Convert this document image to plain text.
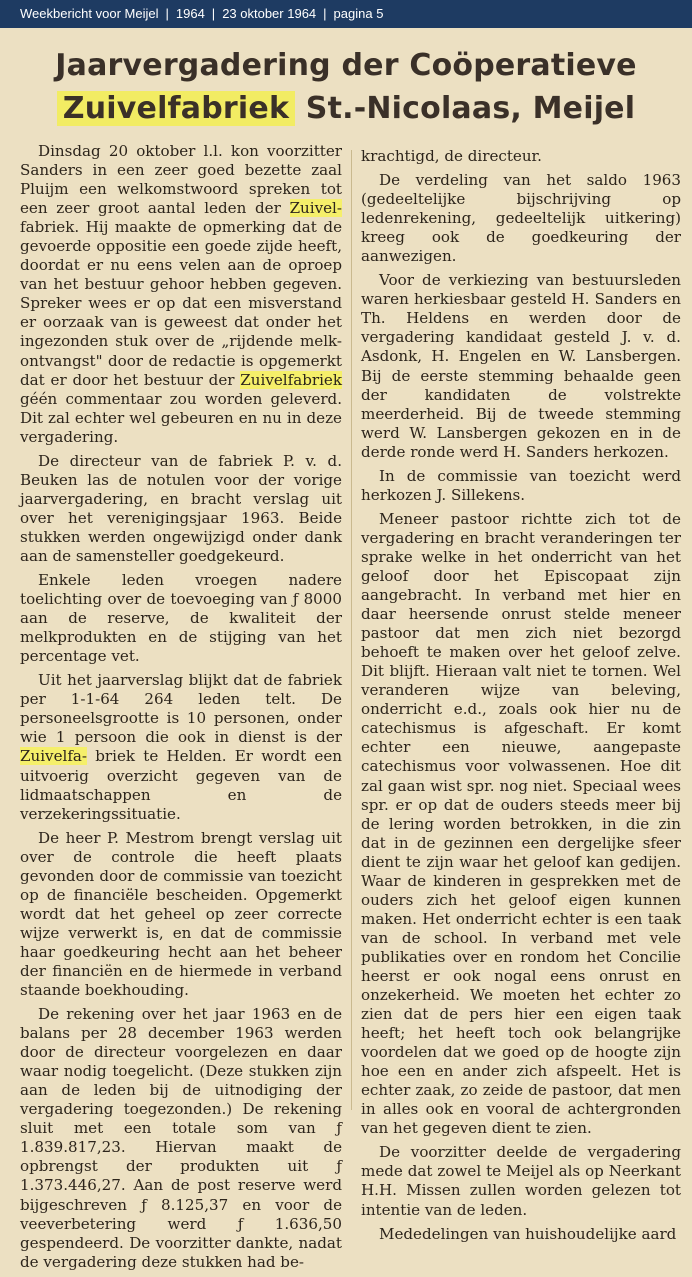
Weekbericht voor Meijel | 1964 | 23 oktober 1964 | pagina 5
Jaarvergadering der Coöperatieve
Zuivelfabriek St.-Nicolaas, Meijel

Dinsdag 20 oktober l.l. kon voorzitter Sanders in een zeer goed bezette zaal Pluijm een welkomstwoord spreken tot een zeer groot aantal leden der Zuivel- fabriek. Hij maakte de opmerking dat de gevoerde oppositie een goede zijde heeft, doordat er nu eens velen aan de oproep van het bestuur gehoor hebben gegeven. Spreker wees er op dat een misverstand er oorzaak van is geweest dat onder het ingezonden stuk over de „rijdende melk-ontvangst" door de redactie is opgemerkt dat er door het bestuur der Zuivelfabriek géén commentaar zou worden geleverd. Dit zal echter wel gebeuren en nu in deze vergadering.

De directeur van de fabriek P. v. d. Beuken las de notulen voor der vorige jaarvergadering, en bracht verslag uit over het verenigingsjaar 1963. Beide stukken werden ongewijzigd onder dank aan de samensteller goedgekeurd.

Enkele leden vroegen nadere toelichting over de toevoeging van ƒ 8000 aan de reserve, de kwaliteit der melkprodukten en de stijging van het percentage vet.

Uit het jaarverslag blijkt dat de fabriek per 1-1-64 264 leden telt. De personeelsgrootte is 10 personen, onder wie 1 persoon die ook in dienst is der Zuivelfa- briek te Helden. Er wordt een uitvoerig overzicht gegeven van de lidmaatschappen en de verzekeringssituatie.

De heer P. Mestrom brengt verslag uit over de controle die heeft plaats gevonden door de commissie van toezicht op de financiële bescheiden. Opgemerkt wordt dat het geheel op zeer correcte wijze verwerkt is, en dat de commissie haar goedkeuring hecht aan het beheer der financiën en de hiermede in verband staande boekhouding.

De rekening over het jaar 1963 en de balans per 28 december 1963 werden door de directeur voorgelezen en daar waar nodig toegelicht. (Deze stukken zijn aan de leden bij de uitnodiging der vergadering toegezonden.) De rekening sluit met een totale som van ƒ 1.839.817,23. Hiervan maakt de opbrengst der produkten uit ƒ 1.373.446,27. Aan de post reserve werd bijgeschreven ƒ 8.125,37 en voor de veeverbetering werd ƒ 1.636,50 gespendeerd. De voorzitter dankte, nadat de vergadering deze stukken had be-

krachtigd, de directeur.

De verdeling van het saldo 1963 (gedeeltelijke bijschrijving op ledenrekening, gedeeltelijk uitkering) kreeg ook de goedkeuring der aanwezigen.

Voor de verkiezing van bestuursleden waren herkiesbaar gesteld H. Sanders en Th. Heldens en werden door de vergadering kandidaat gesteld J. v. d. Asdonk, H. Engelen en W. Lansbergen. Bij de eerste stemming behaalde geen der kandidaten de volstrekte meerderheid. Bij de tweede stemming werd W. Lansbergen gekozen en in de derde ronde werd H. Sanders herkozen.

In de commissie van toezicht werd herkozen J. Sillekens.

Meneer pastoor richtte zich tot de vergadering en bracht veranderingen ter sprake welke in het onderricht van het geloof door het Episcopaat zijn aangebracht. In verband met hier en daar heersende onrust stelde meneer pastoor dat men zich niet bezorgd behoeft te maken over het geloof zelve. Dit blijft. Hieraan valt niet te tornen. Wel veranderen wijze van beleving, onderricht e.d., zoals ook hier nu de catechismus is afgeschaft. Er komt echter een nieuwe, aangepaste catechismus voor volwassenen. Hoe dit zal gaan wist spr. nog niet. Speciaal wees spr. er op dat de ouders steeds meer bij de lering worden betrokken, in die zin dat in de gezinnen een dergelijke sfeer dient te zijn waar het geloof kan gedijen. Waar de kinderen in gesprekken met de ouders zich het geloof eigen kunnen maken. Het onderricht echter is een taak van de school. In verband met vele publikaties over en rondom het Concilie heerst er ook nogal eens onrust en onzekerheid. We moeten het echter zo zien dat de pers hier een eigen taak heeft; het heeft toch ook belangrijke voordelen dat we goed op de hoogte zijn hoe een en ander zich afspeelt. Het is echter zaak, zo zeide de pastoor, dat men in alles ook en vooral de achtergronden van het gegeven dient te zien.

De voorzitter deelde de vergadering mede dat zowel te Meijel als op Neerkant H.H. Missen zullen worden gelezen tot intentie van de leden.

Mededelingen van huishoudelijke aard
